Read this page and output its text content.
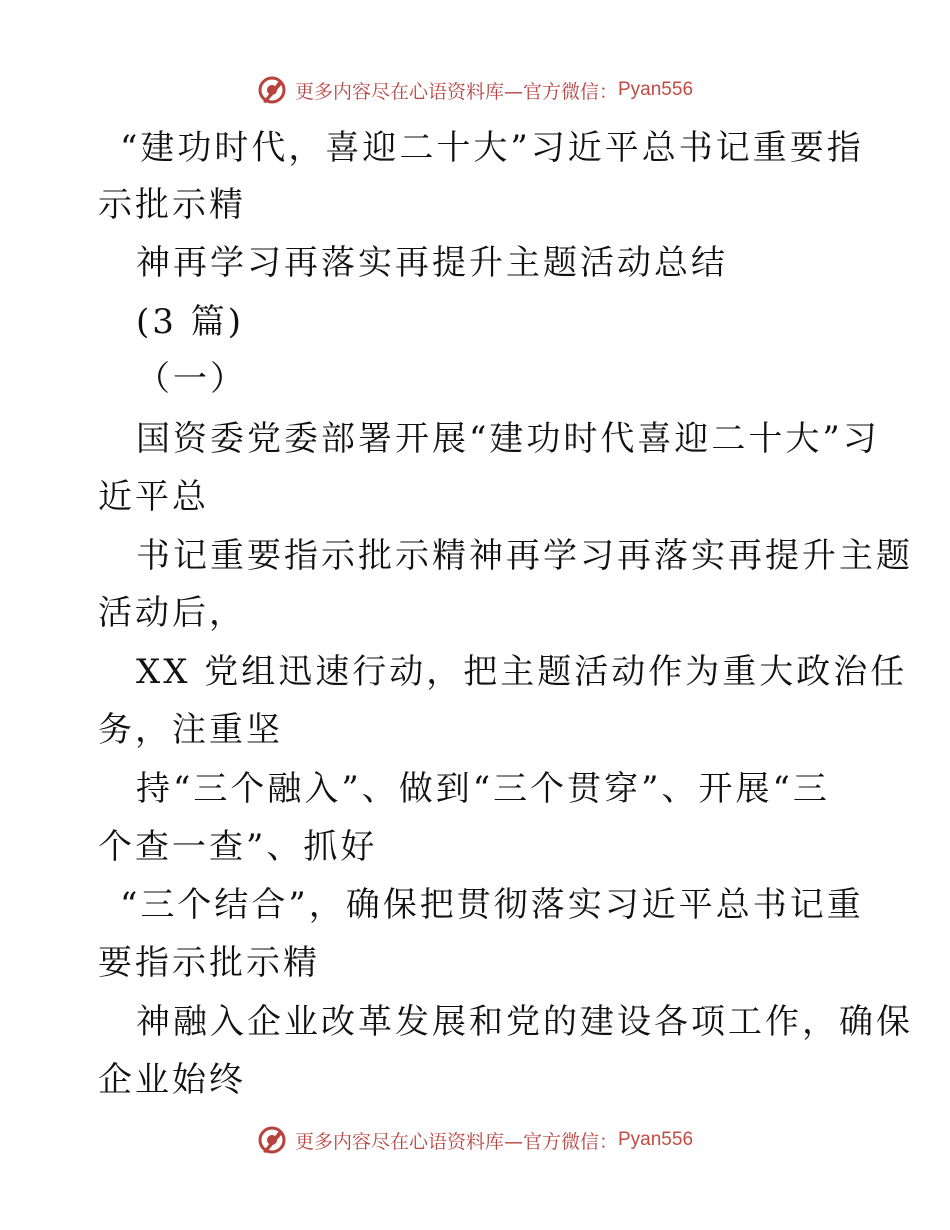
更多内容尽在心语资料库—官方微信： Pyan556
“建功时代，喜迎二十大”习近平总书记重要指
示批示精
神再学习再落实再提升主题活动总结
(3 篇)
（一）
国资委党委部署开展“建功时代喜迎二十大”习
近平总
书记重要指示批示精神再学习再落实再提升主题
活动后，
XX 党组迅速行动，把主题活动作为重大政治任
务，注重坚
持“三个融入”、做到“三个贯穿”、开展“三
个查一查”、抓好
“三个结合”，确保把贯彻落实习近平总书记重
要指示批示精
神融入企业改革发展和党的建设各项工作，确保
企业始终
更多内容尽在心语资料库—官方微信： Pyan556
